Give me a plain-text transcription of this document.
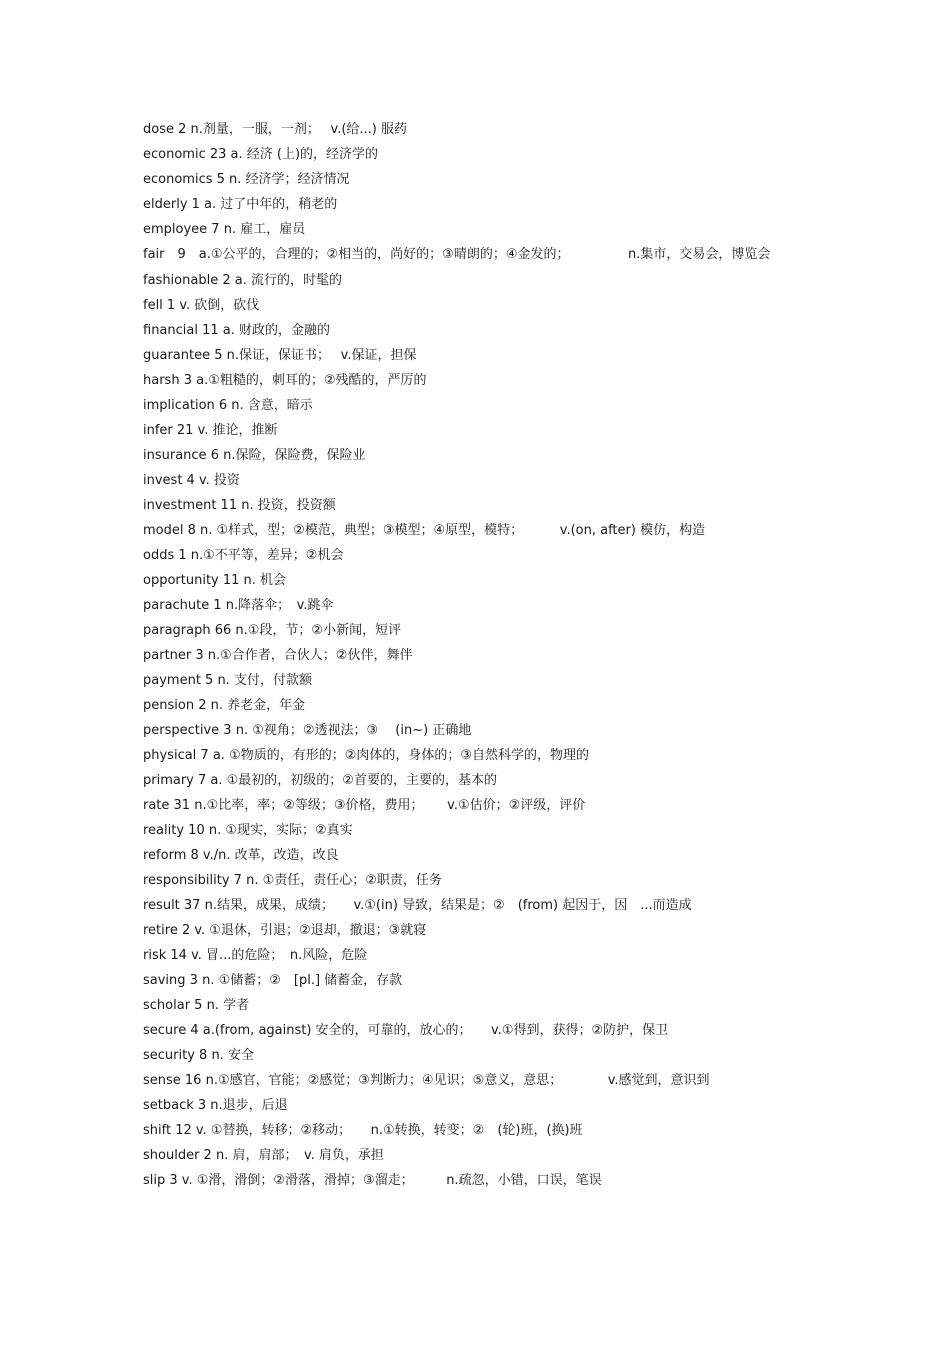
dose 2 n.剂量，一服，一剂；　 v.(给...) 服药
economic 23 a. 经济 (上)的，经济学的
economics 5 n. 经济学；经济情况
elderly 1 a. 过了中年的，稍老的
employee 7 n. 雇工，雇员
fair　9　a.①公平的，合理的；②相当的，尚好的；③晴朗的；④金发的；　　　　　n.集市，交易会，博览会
fashionable 2 a. 流行的，时髦的
fell 1 v. 砍倒，砍伐
financial 11 a. 财政的，金融的
guarantee 5 n.保证，保证书；　 v.保证，担保
harsh 3 a.①粗糙的，刺耳的；②残酷的，严厉的
implication 6 n. 含意，暗示
infer 21 v. 推论，推断
insurance 6 n.保险，保险费，保险业
invest 4 v. 投资
investment 11 n. 投资，投资额
model 8 n. ①样式，型；②模范，典型；③模型；④原型，模特；　　　 v.(on, after) 模仿，构造
odds 1 n.①不平等，差异；②机会
opportunity 11 n. 机会
parachute 1 n.降落伞；　v.跳伞
paragraph 66 n.①段，节；②小新闻，短评
partner 3 n.①合作者，合伙人；②伙伴，舞伴
payment 5 n. 支付，付款额
pension 2 n. 养老金，年金
perspective 3 n. ①视角；②透视法；③　 (in~) 正确地
physical 7 a. ①物质的，有形的；②肉体的，身体的；③自然科学的，物理的
primary 7 a. ①最初的，初级的；②首要的，主要的，基本的
rate 31 n.①比率，率；②等级；③价格，费用；　　 v.①估价；②评级，评价
reality 10 n. ①现实，实际；②真实
reform 8 v./n. 改革，改造，改良
responsibility 7 n. ①责任，责任心；②职责，任务
result 37 n.结果，成果，成绩；　　v.①(in) 导致，结果是；②　(from) 起因于，因　...而造成
retire 2 v. ①退休，引退；②退却，撤退；③就寝
risk 14 v. 冒...的危险；　n.风险，危险
saving 3 n. ①储蓄；②　[pl.] 储蓄金，存款
scholar 5 n. 学者
secure 4 a.(from, against) 安全的，可靠的，放心的；　　v.①得到，获得；②防护，保卫
security 8 n. 安全
sense 16 n.①感官，官能；②感觉；③判断力；④见识；⑤意义，意思；　　　　v.感觉到，意识到
setback 3 n.退步，后退
shift 12 v. ①替换，转移；②移动；　　n.①转换，转变；②　(轮)班，(换)班
shoulder 2 n. 肩，肩部；　v. 肩负，承担
slip 3 v. ①滑，滑倒；②滑落，滑掉；③溜走；　　　n.疏忽，小错，口误，笔误
